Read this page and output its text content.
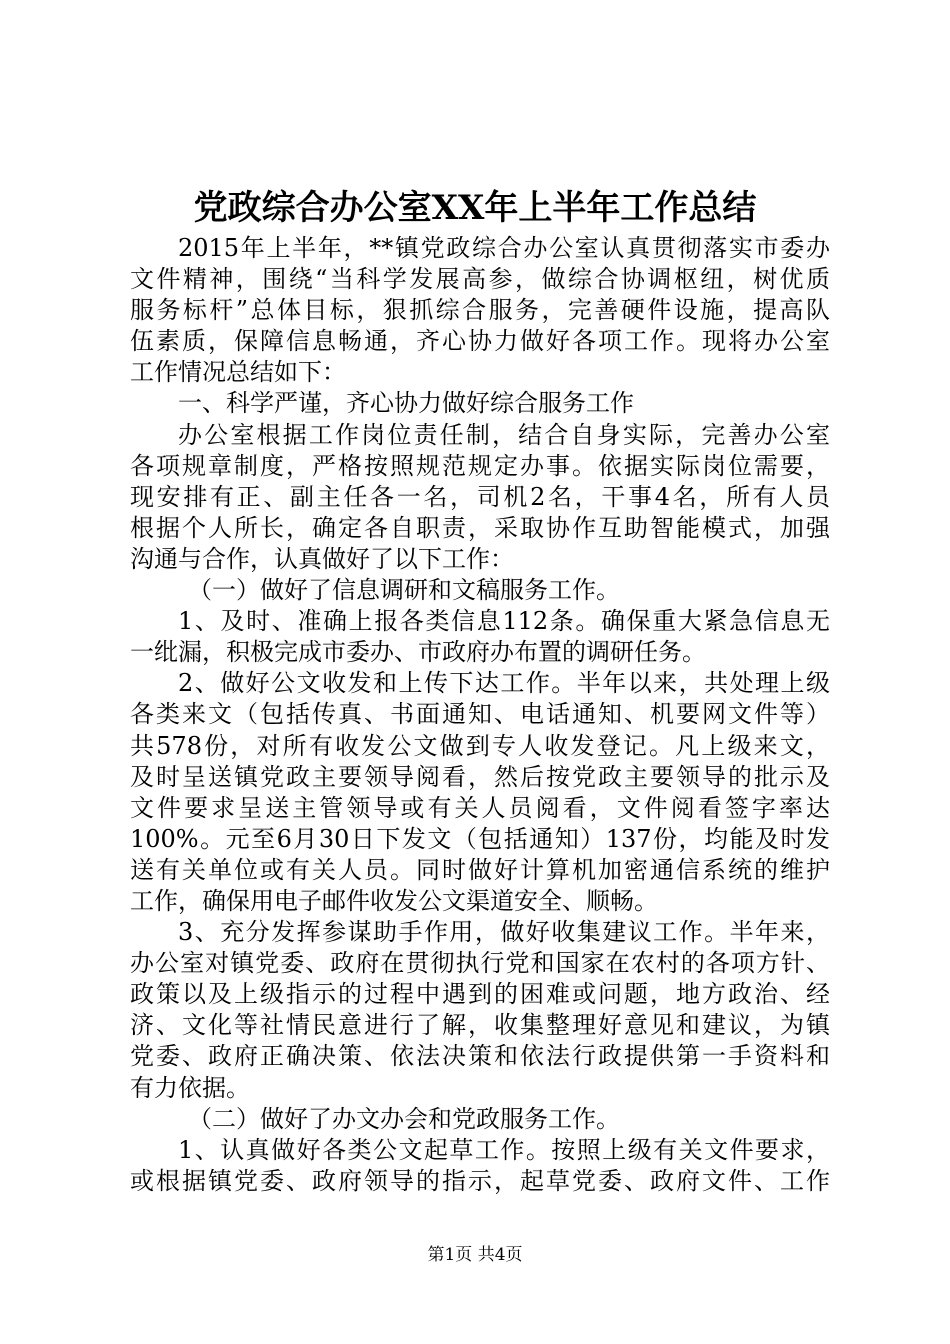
党政综合办公室XX年上半年工作总结
2015年上半年，**镇党政综合办公室认真贯彻落实市委办
文件精神，围绕“当科学发展高参，做综合协调枢纽，树优质
服务标杆”总体目标，狠抓综合服务，完善硬件设施，提高队
伍素质，保障信息畅通，齐心协力做好各项工作。现将办公室
工作情况总结如下：
一、科学严谨，齐心协力做好综合服务工作
办公室根据工作岗位责任制，结合自身实际，完善办公室
各项规章制度，严格按照规范规定办事。依据实际岗位需要，
现安排有正、副主任各一名，司机2名，干事4名，所有人员
根据个人所长，确定各自职责，采取协作互助智能模式，加强
沟通与合作，认真做好了以下工作：
（一）做好了信息调研和文稿服务工作。
1、及时、准确上报各类信息112条。确保重大紧急信息无
一纰漏，积极完成市委办、市政府办布置的调研任务。
2、做好公文收发和上传下达工作。半年以来，共处理上级
各类来文（包括传真、书面通知、电话通知、机要网文件等）
共578份，对所有收发公文做到专人收发登记。凡上级来文，
及时呈送镇党政主要领导阅看，然后按党政主要领导的批示及
文件要求呈送主管领导或有关人员阅看，文件阅看签字率达
100%。元至6月30日下发文（包括通知）137份，均能及时发
送有关单位或有关人员。同时做好计算机加密通信系统的维护
工作，确保用电子邮件收发公文渠道安全、顺畅。
3、充分发挥参谋助手作用，做好收集建议工作。半年来，
办公室对镇党委、政府在贯彻执行党和国家在农村的各项方针、
政策以及上级指示的过程中遇到的困难或问题，地方政治、经
济、文化等社情民意进行了解，收集整理好意见和建议，为镇
党委、政府正确决策、依法决策和依法行政提供第一手资料和
有力依据。
（二）做好了办文办会和党政服务工作。
1、认真做好各类公文起草工作。按照上级有关文件要求，
或根据镇党委、政府领导的指示，起草党委、政府文件、工作
第1页 共4页
